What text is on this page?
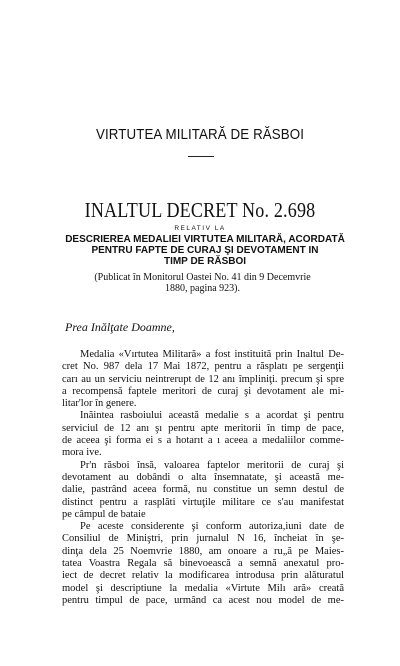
VIRTUTEA MILITARĂ DE RĂSBOI
INALTUL DECRET No. 2.698
RELATIV LA
DESCRIEREA MEDALIEI VIRTUTEA MILITARĂ, ACORDATĂ
PENTRU FAPTE DE CURAJ ŞI DEVOTAMENT IN
TIMP DE RĂSBOI
(Publicat în Monitorul Oastei No. 41 din 9 Decemvrie
1880, pagina 923).
Prea Inălţate Doamne,
Medalia «Vırtutea Militară» a fost instituită prin Inaltul De-
cret No. 987 dela 17 Mai 1872, pentru a răsplatı pe sergenţii
carı au un serviciu neintrerupt de 12 anı împliniţi. precum şi spre
a recompensă faptele meritori de curaj şi devotament ale mi-
litar'lor în genere.
Inăintea rasboiului această medalie s a acordat şi pentru
serviciul de 12 anı şı pentru apte meritorii în timp de pace,
de aceea şi forma ei s a hotarıt a ı aceea a medaliilor comme-
mora ive.
Pr'n răsboi însă, valoarea faptelor meritorii de curaj şi
devotament au dobândi o alta însemnatate, şi această me-
dalie, pastrând aceea formă, nu constitue un semn destul de
distinct pentru a rasplăti virtuţile militare ce s'au manifestat
pe câmpul de bataie
Pe aceste considerente şi conform autoriza,iuni date de
Consiliul de Miniştri, prin jurnalul N 16, încheiat în şe-
dinţa dela 25 Noemvrie 1880, am onoare a ru„ă pe Maies-
tatea Voastra Regala să binevoească a semnă anexatul pro-
iect de decret relativ la modificarea introdusa prin alăturatul
model şi descriptiune la medalia «Virtute Milı ară» creată
pentru timpul de pace, urmând ca acest nou model de me-
